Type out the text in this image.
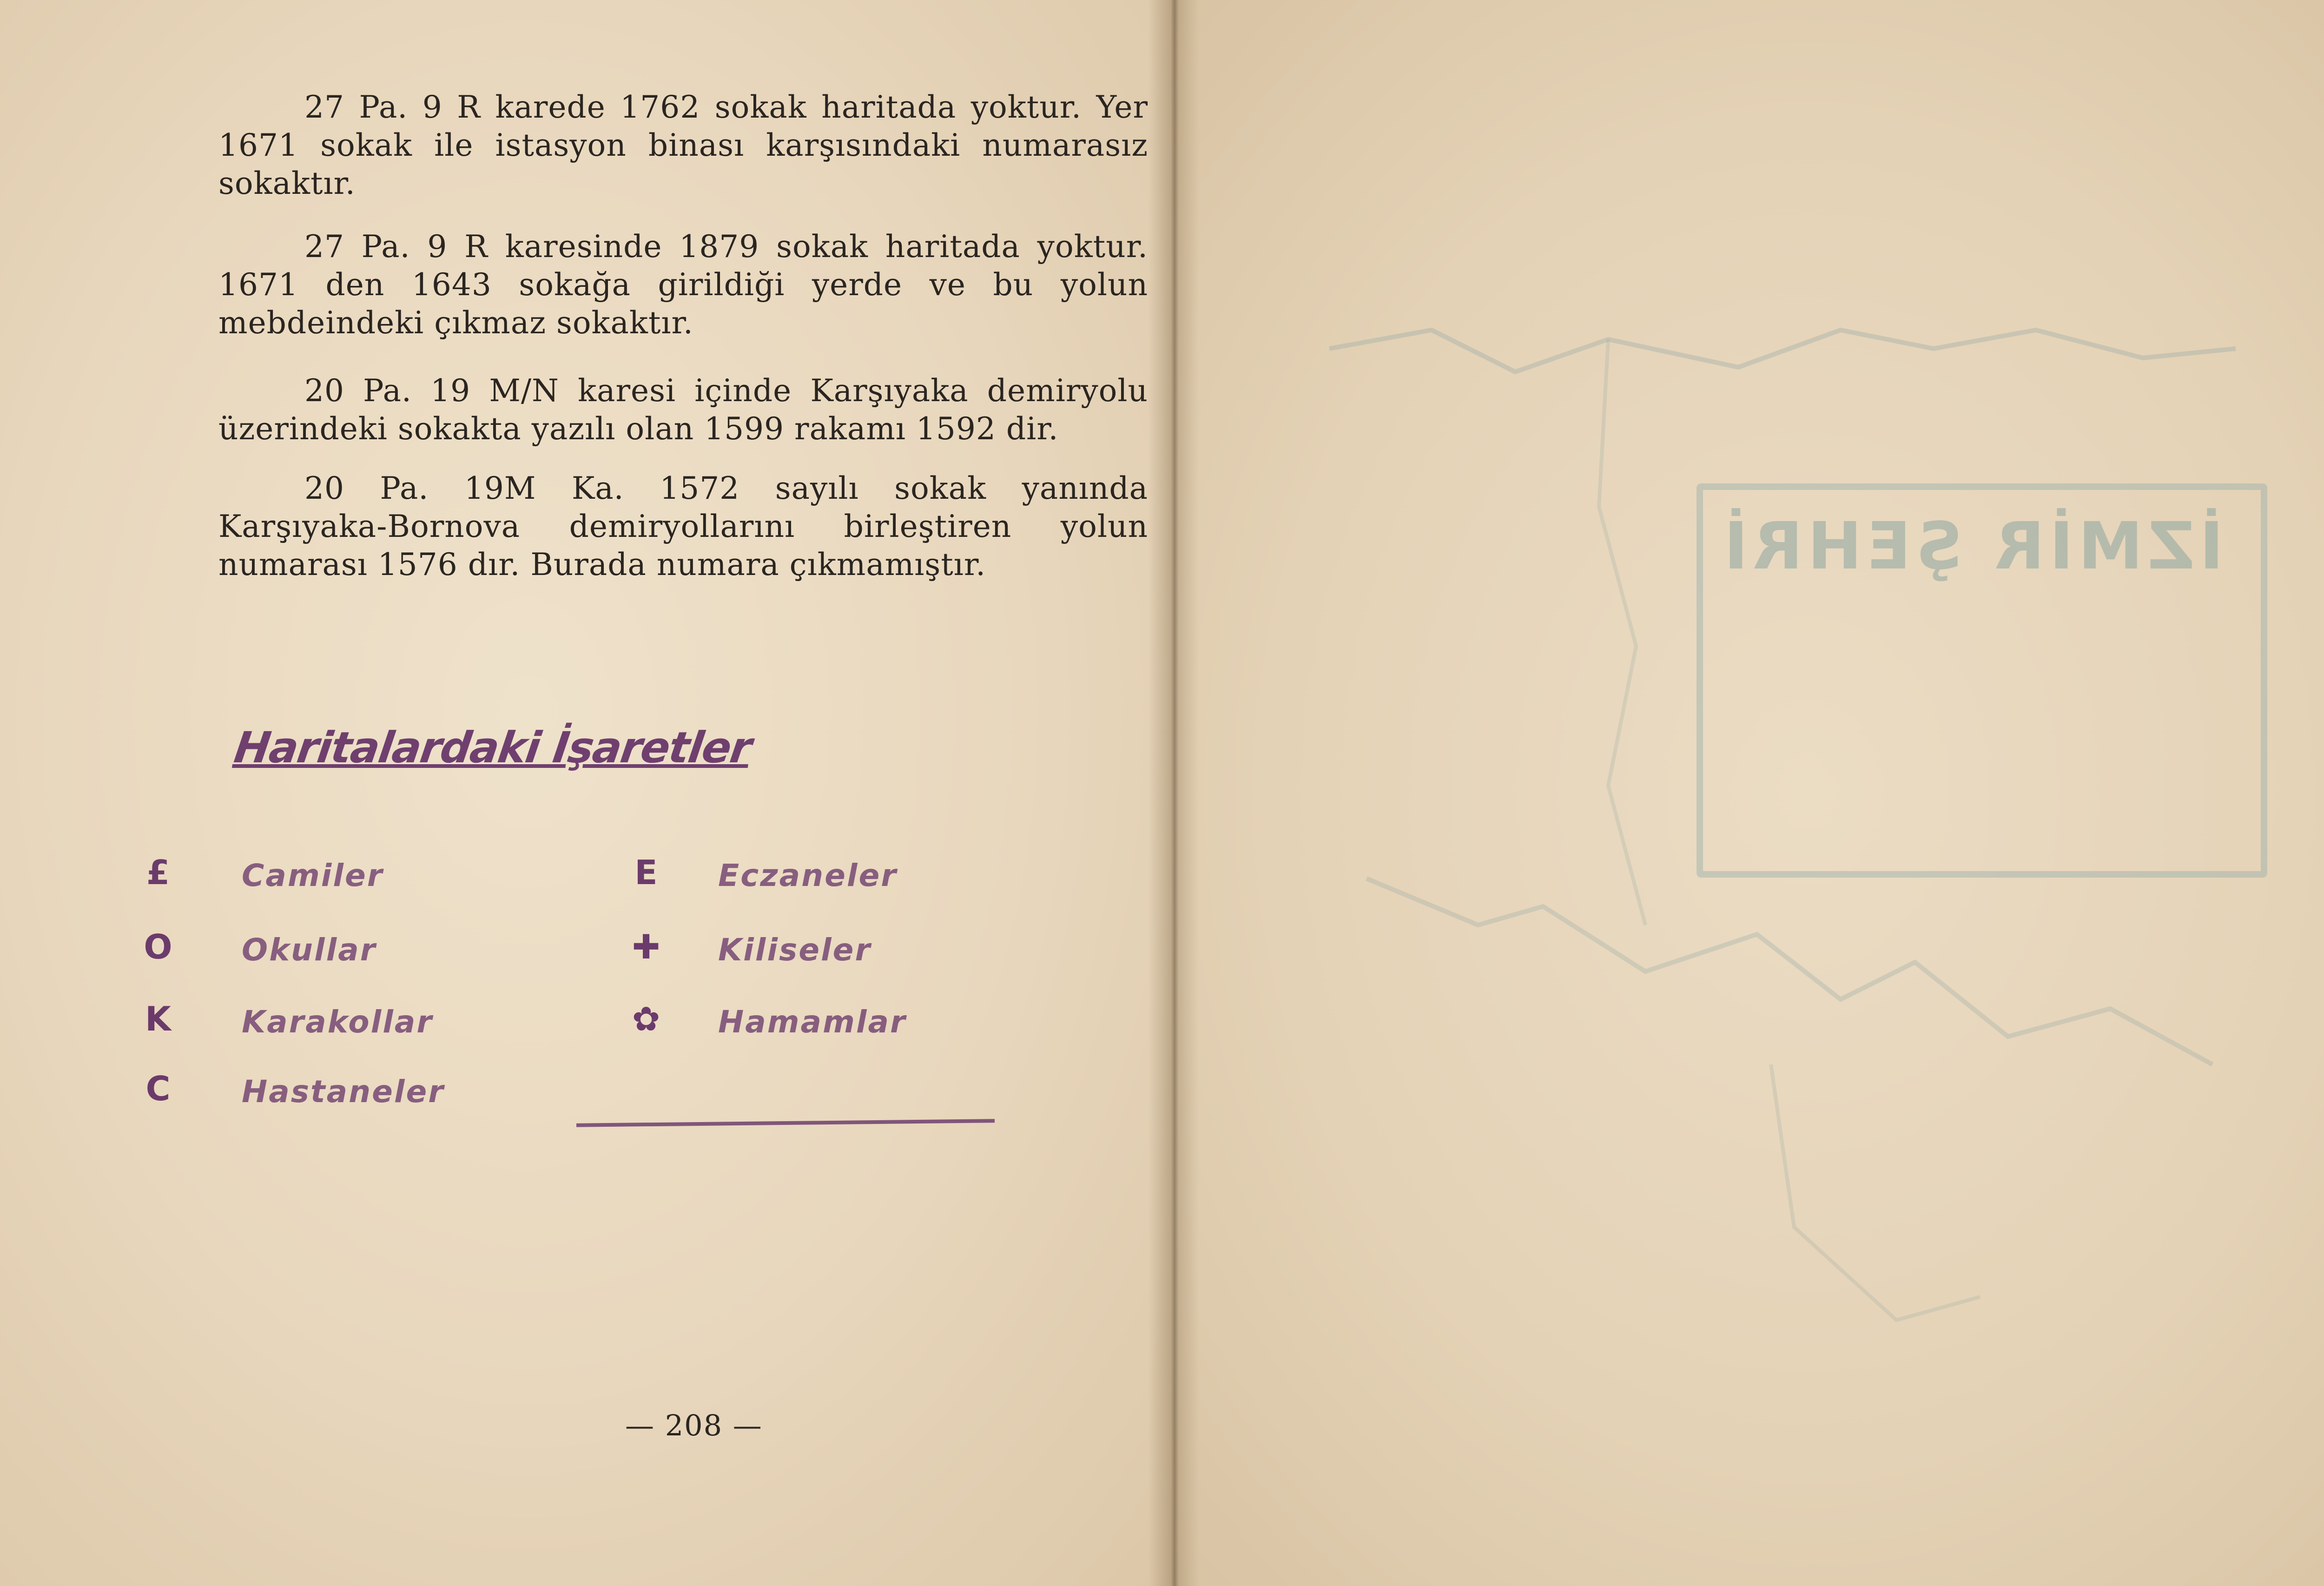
27 Pa. 9 R karede 1762 sokak haritada yoktur. Yer 1671 sokak ile istasyon binası karşısındaki numarasız sokaktır.

27 Pa. 9 R karesinde 1879 sokak haritada yoktur. 1671 den 1643 sokağa girildiği yerde ve bu yolun mebdeindeki çıkmaz sokaktır.

20 Pa. 19 M/N karesi içinde Karşıyaka demiryolu üzerindeki sokakta yazılı olan 1599 rakamı 1592 dir.

20 Pa. 19M Ka. 1572 sayılı sokak yanında Karşıyaka-Bornova demiryollarını birleştiren yolun numarası 1576 dır. Burada numara çıkmamıştır.

Haritalardaki İşaretler
£ Camiler	E Eczaneler
O Okullar	✚ Kiliseler
K Karakollar	✿ Hamamlar
C Hastaneler
— 208 —
İZMİR ŞEHRİ
